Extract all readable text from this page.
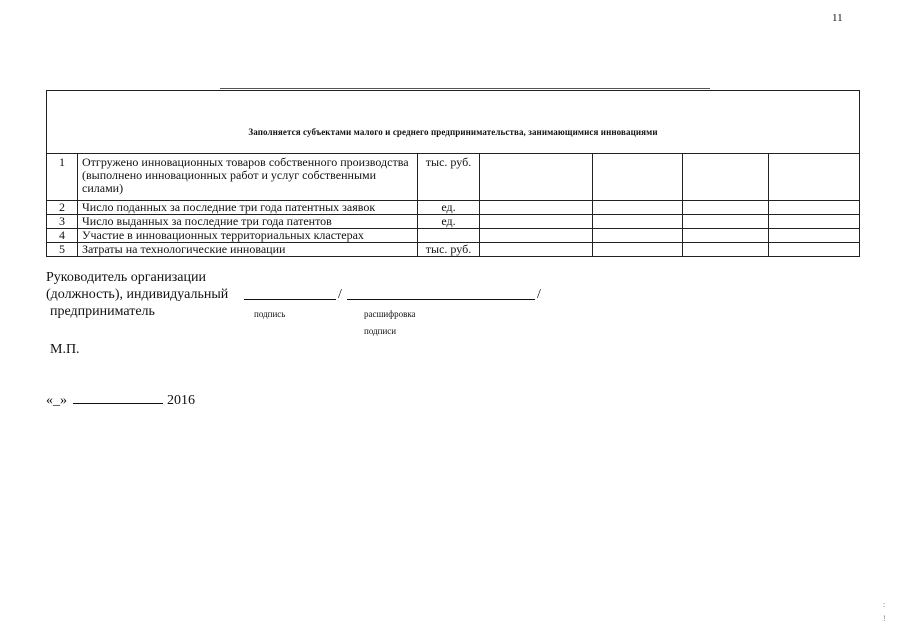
11
Заполняется субъектами малого и среднего предпринимательства, занимающимися инновациями						
1	Отгружено инновационных товаров собственного производства (выполнено инновационных работ и услуг собственными силами)	тыс. руб.				
2	Число поданных за последние три года патентных заявок	ед.				
3	Число выданных за последние три года патентов	ед.				
4	Участие в инновационных территориальных кластерах					
5	Затраты на технологические инновации	тыс. руб.				
Руководитель организации
(должность), индивидуальный	/	/
предприниматель	подпись	расшифровка подписи
М.П.
«_»	2016
:
!
